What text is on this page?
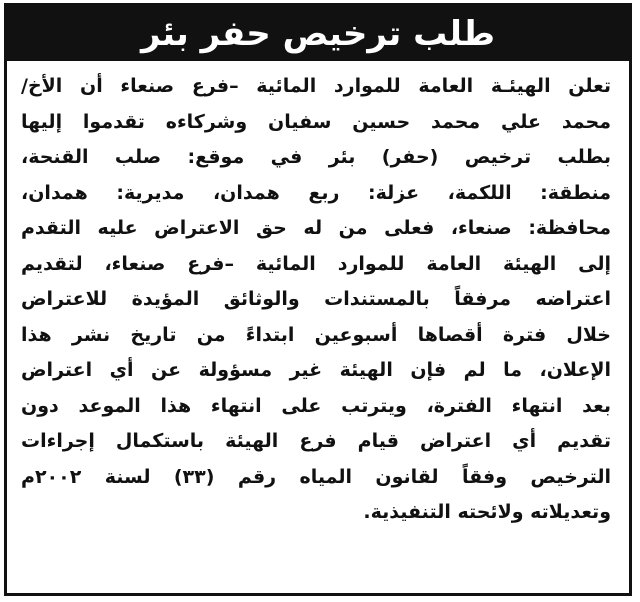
طلب ترخيص حفر بئر
تعلن الهيئـة العامة للموارد المائية –فرع صنعاء أن الأخ/
محمد علي محمد حسين سفيان وشركاءه تقدموا إليها
بطلب ترخيص (حفر) بئر في موقع: صلب القنحة،
منطقة: اللكمة، عزلة: ربع همدان، مديرية: همدان،
محافظة: صنعاء، فعلى من له حق الاعتراض عليه التقدم
إلى الهيئة العامة للموارد المائية –فرع صنعاء، لتقديم
اعتراضه مرفقاً بالمستندات والوثائق المؤيدة للاعتراض
خلال فترة أقصاها أسبوعين ابتداءً من تاريخ نشر هذا
الإعلان، ما لم فإن الهيئة غير مسؤولة عن أي اعتراض
بعد انتهاء الفترة، ويترتب على انتهاء هذا الموعد دون
تقديم أي اعتراض قيام فرع الهيئة باستكمال إجراءات
الترخيص وفقاً لقانون المياه رقم (٣٣) لسنة ٢٠٠٢م
وتعديلاته ولائحته التنفيذية.
